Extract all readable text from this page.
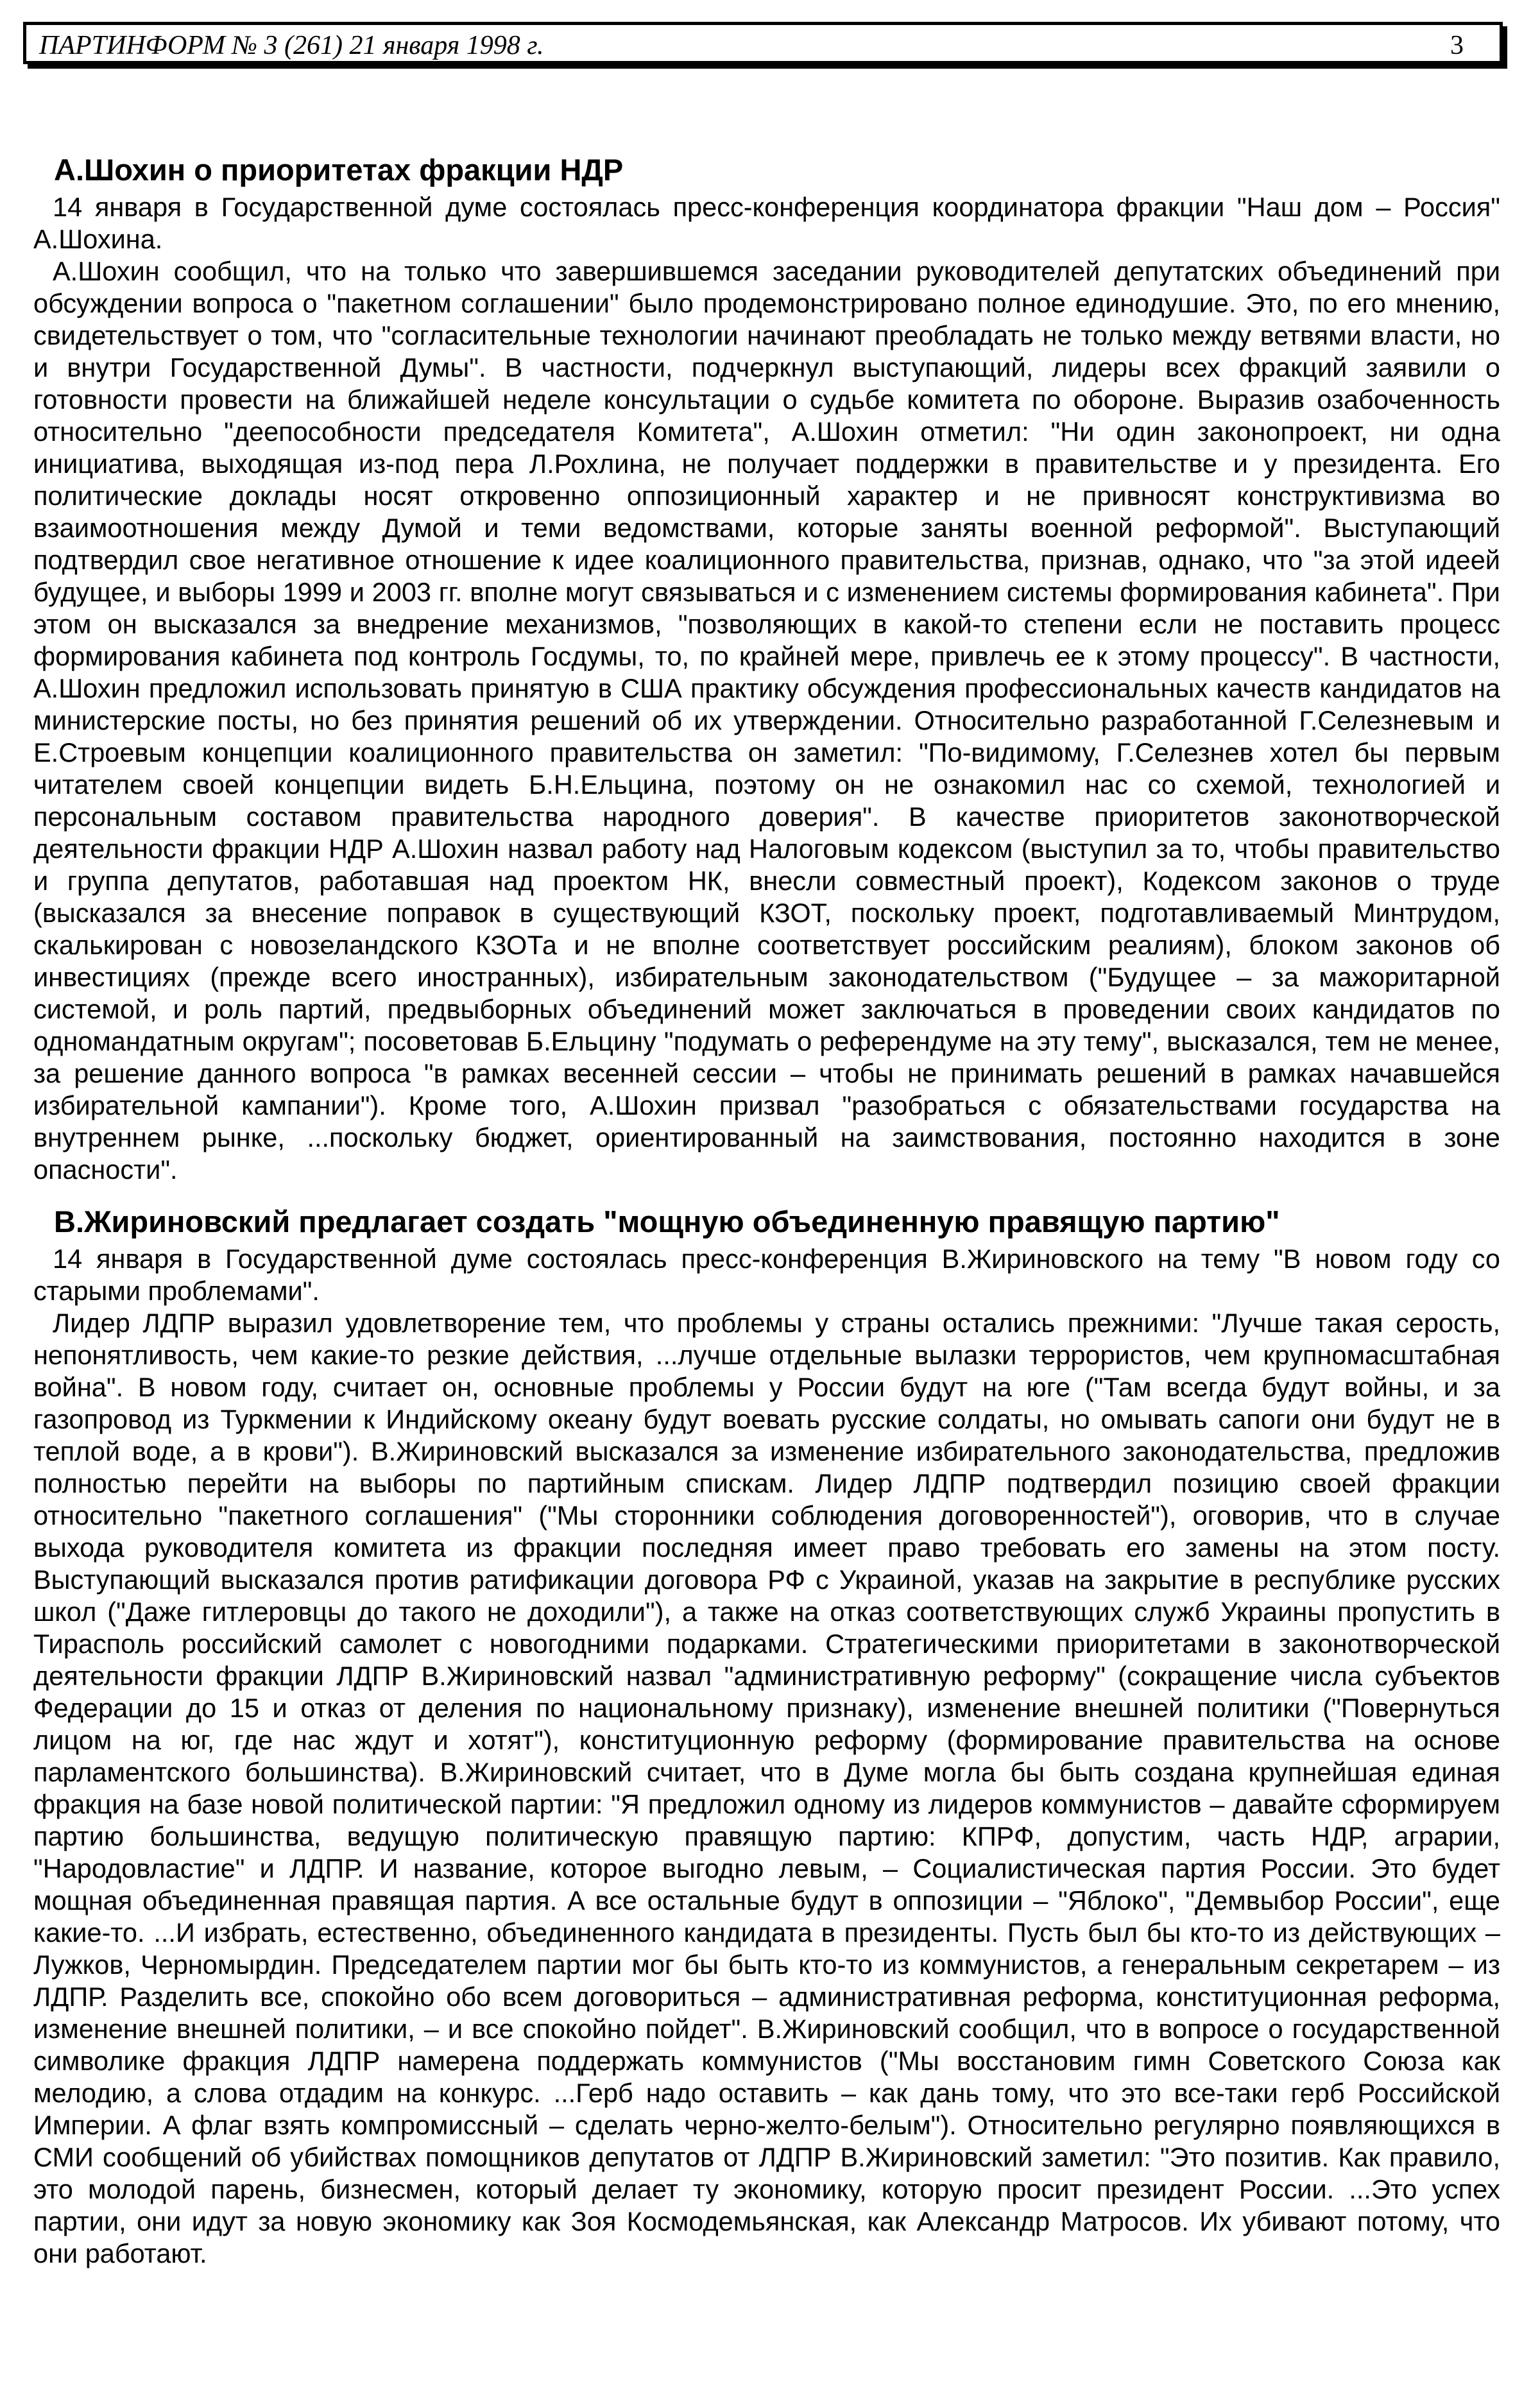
ПАРТИНФОРМ № 3 (261) 21 января 1998 г.	3
А.Шохин о приоритетах фракции НДР

14 января в Государственной думе состоялась пресс-конференция координатора фракции "Наш дом – Россия" А.Шохина.

А.Шохин сообщил, что на только что завершившемся заседании руководителей депутатских объединений при обсуждении вопроса о "пакетном соглашении" было продемонстрировано полное единодушие. Это, по его мнению, свидетельствует о том, что "согласительные технологии начинают преобладать не только между ветвями власти, но и внутри Государственной Думы". В частности, подчеркнул выступающий, лидеры всех фракций заявили о готовности провести на ближайшей неделе консультации о судьбе комитета по обороне. Выразив озабоченность относительно "деепособности председателя Комитета", А.Шохин отметил: "Ни один законопроект, ни одна инициатива, выходящая из-под пера Л.Рохлина, не получает поддержки в правительстве и у президента. Его политические доклады носят откровенно оппозиционный характер и не привносят конструктивизма во взаимоотношения между Думой и теми ведомствами, которые заняты военной реформой". Выступающий подтвердил свое негативное отношение к идее коалиционного правительства, признав, однако, что "за этой идеей будущее, и выборы 1999 и 2003 гг. вполне могут связываться и с изменением системы формирования кабинета". При этом он высказался за внедрение механизмов, "позволяющих в какой-то степени если не поставить процесс формирования кабинета под контроль Госдумы, то, по крайней мере, привлечь ее к этому процессу". В частности, А.Шохин предложил использовать принятую в США практику обсуждения профессиональных качеств кандидатов на министерские посты, но без принятия решений об их утверждении. Относительно разработанной Г.Селезневым и Е.Строевым концепции коалиционного правительства он заметил: "По-видимому, Г.Селезнев хотел бы первым читателем своей концепции видеть Б.Н.Ельцина, поэтому он не ознакомил нас со схемой, технологией и персональным составом правительства народного доверия". В качестве приоритетов законотворческой деятельности фракции НДР А.Шохин назвал работу над Налоговым кодексом (выступил за то, чтобы правительство и группа депутатов, работавшая над проектом НК, внесли совместный проект), Кодексом законов о труде (высказался за внесение поправок в существующий КЗОТ, поскольку проект, подготавливаемый Минтрудом, скалькирован с новозеландского КЗОТа и не вполне соответствует российским реалиям), блоком законов об инвестициях (прежде всего иностранных), избирательным законодательством ("Будущее – за мажоритарной системой, и роль партий, предвыборных объединений может заключаться в проведении своих кандидатов по одномандатным округам"; посоветовав Б.Ельцину "подумать о референдуме на эту тему", высказался, тем не менее, за решение данного вопроса "в рамках весенней сессии – чтобы не принимать решений в рамках начавшейся избирательной кампании"). Кроме того, А.Шохин призвал "разобраться с обязательствами государства на внутреннем рынке, ...поскольку бюджет, ориентированный на заимствования, постоянно находится в зоне опасности".

В.Жириновский предлагает создать "мощную объединенную правящую партию"

14 января в Государственной думе состоялась пресс-конференция В.Жириновского на тему "В новом году со старыми проблемами".

Лидер ЛДПР выразил удовлетворение тем, что проблемы у страны остались прежними: "Лучше такая серость, непонятливость, чем какие-то резкие действия, ...лучше отдельные вылазки террористов, чем крупномасштабная война". В новом году, считает он, основные проблемы у России будут на юге ("Там всегда будут войны, и за газопровод из Туркмении к Индийскому океану будут воевать русские солдаты, но омывать сапоги они будут не в теплой воде, а в крови"). В.Жириновский высказался за изменение избирательного законодательства, предложив полностью перейти на выборы по партийным спискам. Лидер ЛДПР подтвердил позицию своей фракции относительно "пакетного соглашения" ("Мы сторонники соблюдения договоренностей"), оговорив, что в случае выхода руководителя комитета из фракции последняя имеет право требовать его замены на этом посту. Выступающий высказался против ратификации договора РФ с Украиной, указав на закрытие в республике русских школ ("Даже гитлеровцы до такого не доходили"), а также на отказ соответствующих служб Украины пропустить в Тирасполь российский самолет с новогодними подарками. Стратегическими приоритетами в законотворческой деятельности фракции ЛДПР В.Жириновский назвал "административную реформу" (сокращение числа субъектов Федерации до 15 и отказ от деления по национальному признаку), изменение внешней политики ("Повернуться лицом на юг, где нас ждут и хотят"), конституционную реформу (формирование правительства на основе парламентского большинства). В.Жириновский считает, что в Думе могла бы быть создана крупнейшая единая фракция на базе новой политической партии: "Я предложил одному из лидеров коммунистов – давайте сформируем партию большинства, ведущую политическую правящую партию: КПРФ, допустим, часть НДР, аграрии, "Народовластие" и ЛДПР. И название, которое выгодно левым, – Социалистическая партия России. Это будет мощная объединенная правящая партия. А все остальные будут в оппозиции – "Яблоко", "Демвыбор России", еще какие-то. ...И избрать, естественно, объединенного кандидата в президенты. Пусть был бы кто-то из действующих – Лужков, Черномырдин. Председателем партии мог бы быть кто-то из коммунистов, а генеральным секретарем – из ЛДПР. Разделить все, спокойно обо всем договориться – административная реформа, конституционная реформа, изменение внешней политики, – и все спокойно пойдет". В.Жириновский сообщил, что в вопросе о государственной символике фракция ЛДПР намерена поддержать коммунистов ("Мы восстановим гимн Советского Союза как мелодию, а слова отдадим на конкурс. ...Герб надо оставить – как дань тому, что это все-таки герб Российской Империи. А флаг взять компромиссный – сделать черно-желто-белым"). Относительно регулярно появляющихся в СМИ сообщений об убийствах помощников депутатов от ЛДПР В.Жириновский заметил: "Это позитив. Как правило, это молодой парень, бизнесмен, который делает ту экономику, которую просит президент России. ...Это успех партии, они идут за новую экономику как Зоя Космодемьянская, как Александр Матросов. Их убивают потому, что они работают.
